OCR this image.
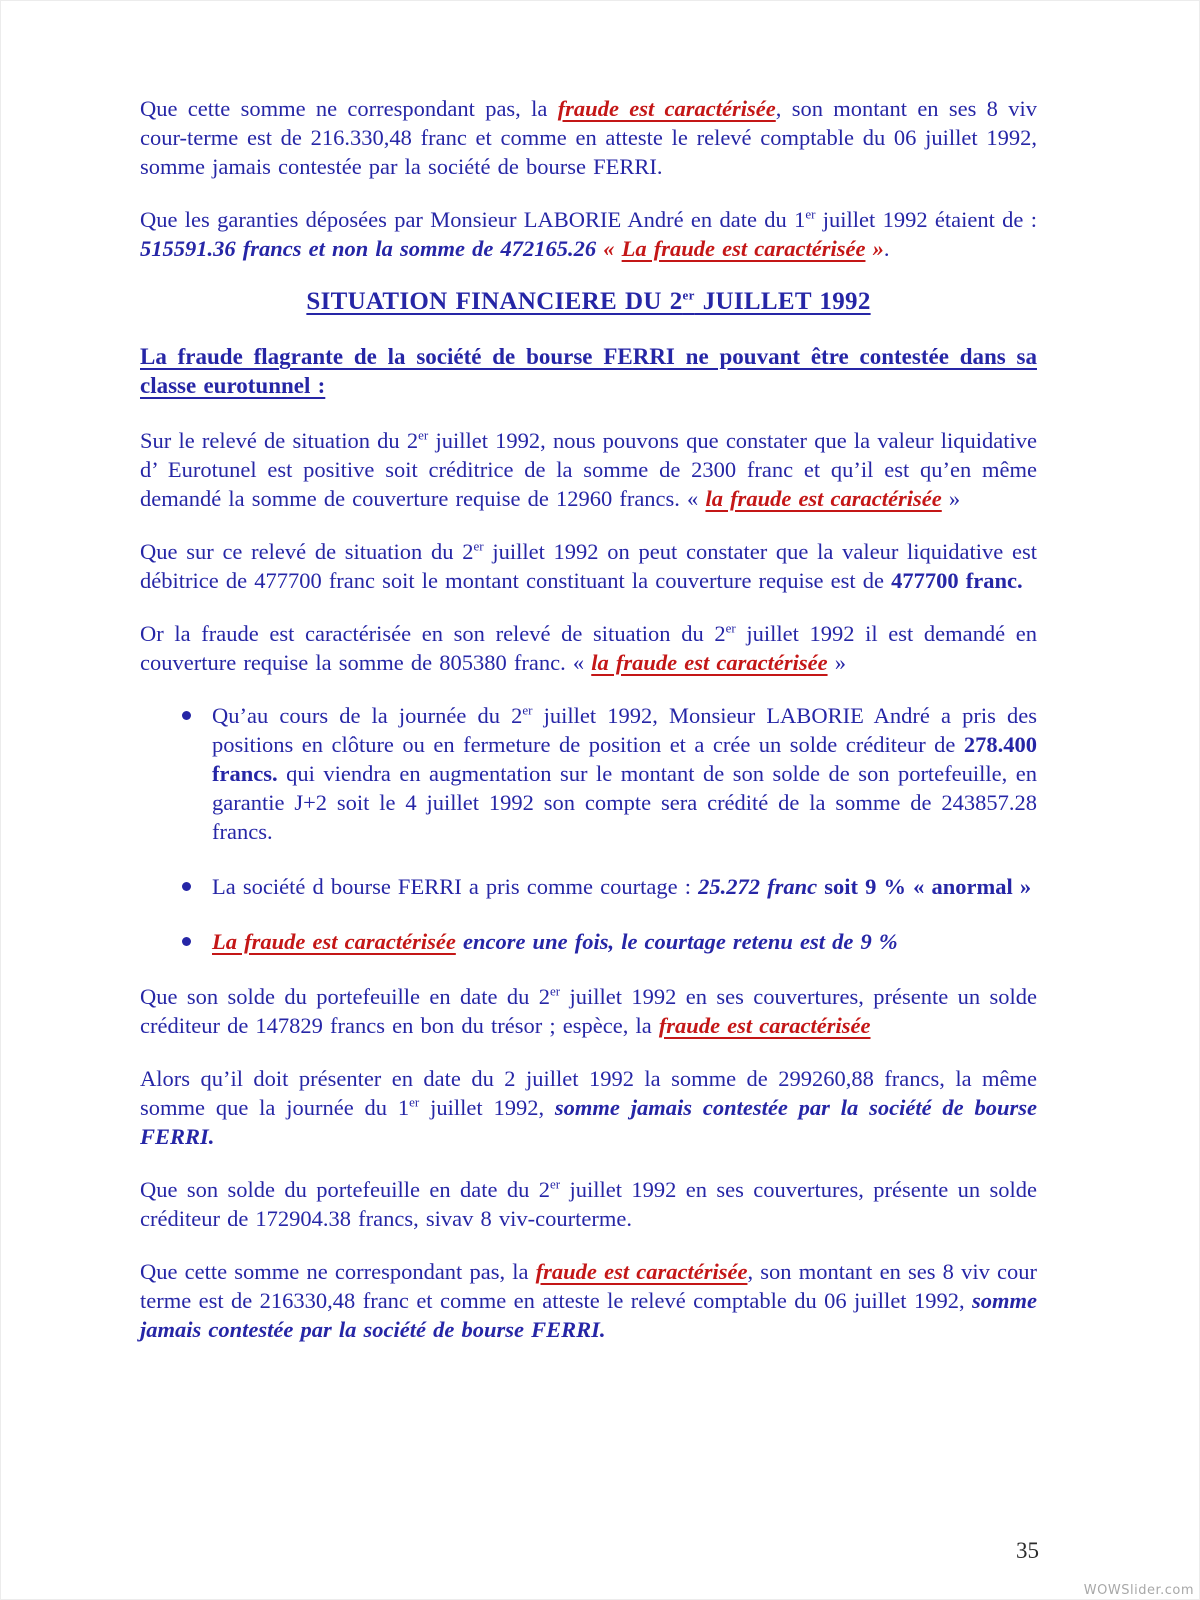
Que cette somme ne correspondant pas, la fraude est caractérisée, son montant en ses 8 viv cour-terme est de 216.330,48 franc et comme en atteste le relevé comptable du 06 juillet 1992, somme jamais contestée par la société de bourse FERRI.

Que les garanties déposées par Monsieur LABORIE André en date du 1er juillet 1992 étaient de : 515591.36 francs et non la somme de 472165.26 « La fraude est caractérisée ».

SITUATION FINANCIERE DU 2er JUILLET 1992
La fraude flagrante de la société de bourse FERRI ne pouvant être contestée dans sa classe eurotunnel :

Sur le relevé de situation du 2er juillet 1992, nous pouvons que constater que la valeur liquidative d’ Eurotunel est positive soit créditrice de la somme de 2300 franc et qu’il est qu’en même demandé la somme de couverture requise de 12960 francs. « la fraude est caractérisée »

Que sur ce relevé de situation du 2er juillet 1992 on peut constater que la valeur liquidative est débitrice de 477700 franc soit le montant constituant la couverture requise est de 477700 franc.

Or la fraude est caractérisée en son relevé de situation du 2er juillet 1992 il est demandé en couverture requise la somme de 805380 franc. « la fraude est caractérisée »

Qu’au cours de la journée du 2er juillet 1992, Monsieur LABORIE André a pris des positions en clôture ou en fermeture de position et a crée un solde créditeur de 278.400 francs. qui viendra en augmentation sur le montant de son solde de son portefeuille, en garantie J+2 soit le 4 juillet 1992 son compte sera crédité de la somme de 243857.28 francs.
La société d bourse FERRI a pris comme courtage : 25.272 franc soit 9 % « anormal »
La fraude est caractérisée encore une fois, le courtage retenu est de 9 %

Que son solde du portefeuille en date du 2er juillet 1992 en ses couvertures, présente un solde créditeur de 147829 francs en bon du trésor ; espèce, la fraude est caractérisée

Alors qu’il doit présenter en date du 2 juillet 1992 la somme de 299260,88 francs, la même somme que la journée du 1er juillet 1992, somme jamais contestée par la société de bourse FERRI.

Que son solde du portefeuille en date du 2er juillet 1992 en ses couvertures, présente un solde créditeur de 172904.38 francs, sivav 8 viv-courterme.

Que cette somme ne correspondant pas, la fraude est caractérisée, son montant en ses 8 viv cour terme est de 216330,48 franc et comme en atteste le relevé comptable du 06 juillet 1992, somme jamais contestée par la société de bourse FERRI.

35
WOWSlider.com
